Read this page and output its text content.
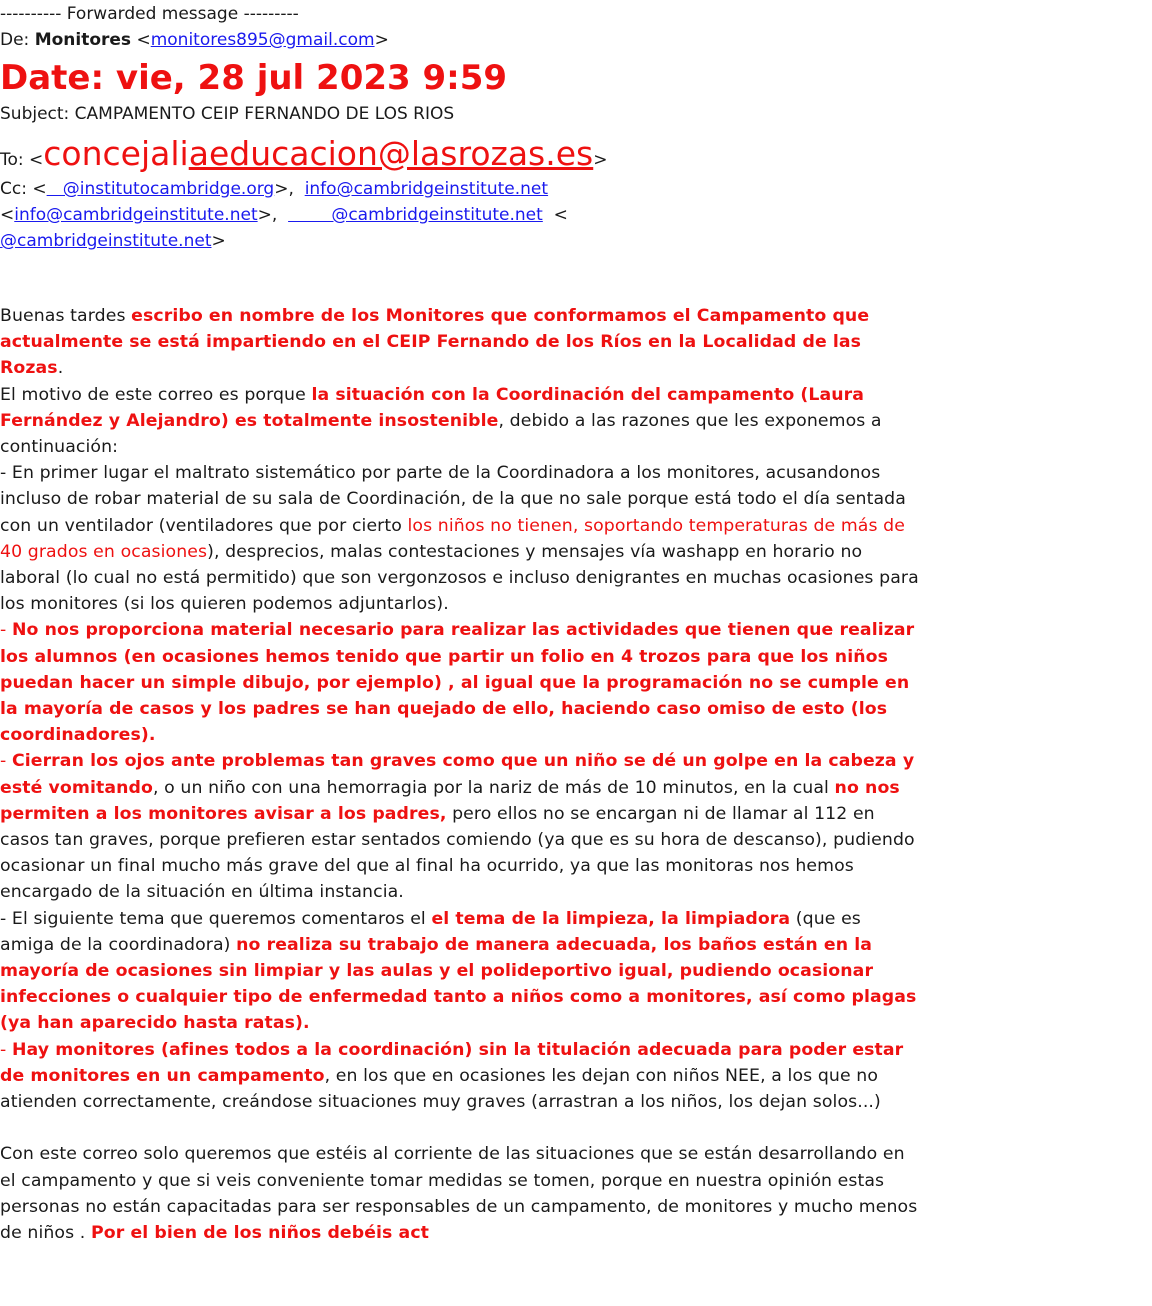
---------- Forwarded message ---------
De: Monitores <monitores895@gmail.com>
Date: vie, 28 jul 2023 9:59
Subject: CAMPAMENTO CEIP FERNANDO DE LOS RIOS
To: <concejaliaeducacion@lasrozas.es>
Cc: <   @institutocambridge.org>,  info@cambridgeinstitute.net
<info@cambridgeinstitute.net>,          @cambridgeinstitute.net  <
@cambridgeinstitute.net>

Buenas tardes escribo en nombre de los Monitores que conformamos el Campamento que actualmente se está impartiendo en el CEIP Fernando de los Ríos en la Localidad de las Rozas.

El motivo de este correo es porque la situación con la Coordinación del campamento (Laura Fernández y Alejandro) es totalmente insostenible, debido a las razones que les exponemos a continuación:

- En primer lugar el maltrato sistemático por parte de la Coordinadora a los monitores, acusandonos incluso de robar material de su sala de Coordinación, de la que no sale porque está todo el día sentada con un ventilador (ventiladores que por cierto los niños no tienen, soportando temperaturas de más de 40 grados en ocasiones), desprecios, malas contestaciones y mensajes vía washapp en horario no laboral (lo cual no está permitido) que son vergonzosos e incluso denigrantes en muchas ocasiones para los monitores (si los quieren podemos adjuntarlos).

- No nos proporciona material necesario para realizar las actividades que tienen que realizar los alumnos (en ocasiones hemos tenido que partir un folio en 4 trozos para que los niños puedan hacer un simple dibujo, por ejemplo) , al igual que la programación no se cumple en la mayoría de casos y los padres se han quejado de ello, haciendo caso omiso de esto (los coordinadores).

- Cierran los ojos ante problemas tan graves como que un niño se dé un golpe en la cabeza y esté vomitando, o un niño con una hemorragia por la nariz de más de 10 minutos, en la cual no nos permiten a los monitores avisar a los padres, pero ellos no se encargan ni de llamar al 112 en casos tan graves, porque prefieren estar sentados comiendo (ya que es su hora de descanso), pudiendo ocasionar un final mucho más grave del que al final ha ocurrido, ya que las monitoras nos hemos encargado de la situación en última instancia.

- El siguiente tema que queremos comentaros el el tema de la limpieza, la limpiadora (que es amiga de la coordinadora) no realiza su trabajo de manera adecuada, los baños están en la mayoría de ocasiones sin limpiar y las aulas y el polideportivo igual, pudiendo ocasionar infecciones o cualquier tipo de enfermedad tanto a niños como a monitores, así como plagas (ya han aparecido hasta ratas).

- Hay monitores (afines todos a la coordinación) sin la titulación adecuada para poder estar de monitores en un campamento, en los que en ocasiones les dejan con niños NEE, a los que no atienden correctamente, creándose situaciones muy graves (arrastran a los niños, los dejan solos...)

Con este correo solo queremos que estéis al corriente de las situaciones que se están desarrollando en el campamento y que si veis conveniente tomar medidas se tomen, porque en nuestra opinión estas personas no están capacitadas para ser responsables de un campamento, de monitores y mucho menos de niños . Por el bien de los niños debéis act
